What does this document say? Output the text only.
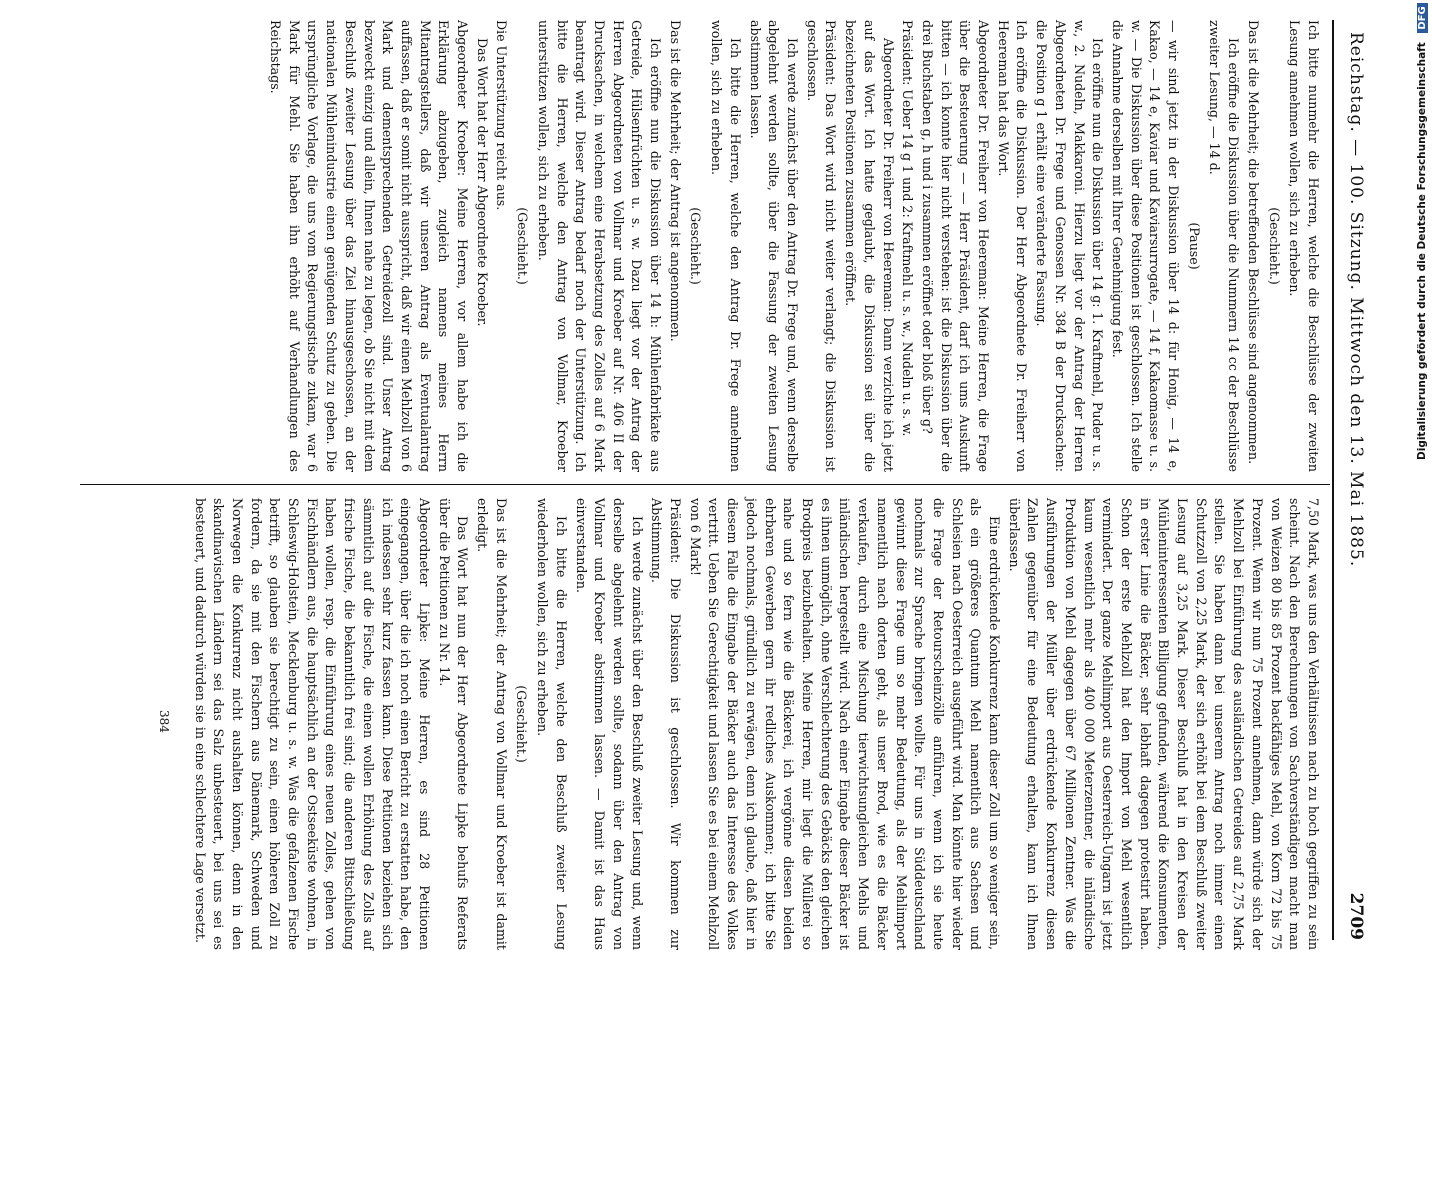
Reichstag. — 100. Sitzung. Mittwoch den 13. Mai 1885.
2709

Ich bitte nunmehr die Herren, welche die Beschlüsse der zweiten Lesung annehmen wollen, sich zu erheben.

(Geschieht.)

Das ist die Mehrheit; die betreffenden Beschlüsse sind angenommen.

Ich eröffne die Diskussion über die Nummern 14 cc der Beschlüsse zweiter Lesung, — 14 d.

(Pause)

— wir sind jetzt in der Diskussion über 14 d: für Honig, — 14 e, Kakao, — 14 e, Kaviar und Kaviarsurrogate, — 14 f, Kakaomasse u. s. w. — Die Diskussion über diese Positionen ist geschlossen. Ich stelle die Annahme derselben mit Ihrer Genehmigung fest.

Ich eröffne nun die Diskussion über 14 g: 1. Kraftmehl, Puder u. s. w., 2. Nudeln, Makkaroni. Hierzu liegt vor der Antrag der Herren Abgeordneten Dr. Frege und Genossen Nr. 384 B der Drucksachen: die Position g 1 erhält eine veränderte Fassung.

Ich eröffne die Diskussion. Der Herr Abgeordnete Dr. Freiherr von Heereman hat das Wort.

Abgeordneter Dr. Freiherr von Heereman: Meine Herren, die Frage über die Besteuerung — — Herr Präsident, darf ich ums Auskunft bitten — ich konnte hier nicht verstehen: ist die Diskussion über die drei Buchstaben g, h und i zusammen eröffnet oder bloß über g?

Präsident: Ueber 14 g 1 und 2: Kraftmehl u. s. w., Nudeln u. s. w.

Abgeordneter Dr. Freiherr von Heereman: Dann verzichte ich jetzt auf das Wort. Ich hatte geglaubt, die Diskussion sei über die bezeichneten Positionen zusammen eröffnet.

Präsident: Das Wort wird nicht weiter verlangt; die Diskussion ist geschlossen.

Ich werde zunächst über den Antrag Dr. Frege und, wenn derselbe abgelehnt werden sollte, über die Fassung der zweiten Lesung abstimmen lassen.

Ich bitte die Herren, welche den Antrag Dr. Frege annehmen wollen, sich zu erheben.

(Geschieht.)

Das ist die Mehrheit; der Antrag ist angenommen.

Ich eröffne nun die Diskussion über 14 h: Mühlenfabrikate aus Getreide, Hülsenfrüchten u. s. w. Dazu liegt vor der Antrag der Herren Abgeordneten von Vollmar und Kroeber auf Nr. 406 II der Drucksachen, in welchem eine Herabsetzung des Zolles auf 6 Mark beantragt wird. Dieser Antrag bedarf noch der Unterstützung. Ich bitte die Herren, welche den Antrag von Vollmar, Kroeber unterstützen wollen, sich zu erheben.

(Geschieht.)

Die Unterstützung reicht aus.

Das Wort hat der Herr Abgeordnete Kroeber.

Abgeordneter Kroeber: Meine Herren, vor allem habe ich die Erklärung abzugeben, zugleich namens meines Herrn Mitantragstellers, daß wir unseren Antrag als Eventualantrag auffassen, daß er somit nicht ausspricht, daß wir einen Mehlzoll von 6 Mark und dementsprechenden Getreidezoll sind. Unser Antrag bezweckt einzig und allein, Ihnen nahe zu legen, ob Sie nicht mit dem Beschluß zweiter Lesung über das Ziel hinausgeschossen, an der nationalen Mühlenindustrie einen genügenden Schutz zu geben. Die ursprüngliche Vorlage, die uns vom Regierungstische zukam, war 6 Mark für Mehl. Sie haben ihn erhöht auf Verhandlungen des Reichstags.

7,50 Mark, was uns den Verhältnissen nach zu hoch gegriffen zu sein scheint. Nach den Berechnungen von Sachverständigen macht man von Weizen 80 bis 85 Prozent backfähiges Mehl, von Korn 72 bis 75 Prozent. Wenn wir nun 75 Prozent annehmen, dann würde sich der Mehlzoll bei Einführung des ausländischen Getreides auf 2,75 Mark stellen. Sie haben dann bei unserem Antrag noch immer einen Schutzzoll von 2,25 Mark, der sich erhöht bei dem Beschluß zweiter Lesung auf 3,25 Mark. Dieser Beschluß hat in den Kreisen der Mühleninteressenten Billigung gefunden, während die Konsumenten, in erster Linie die Bäcker, sehr lebhaft dagegen protestirt haben. Schon der erste Mehlzoll hat den Import von Mehl wesentlich vermindert. Der ganze Mehlimport aus Oesterreich-Ungarn ist jetzt kaum wesentlich mehr als 400 000 Meterzentner, die inländische Produktion von Mehl dagegen über 67 Millionen Zentner. Was die Ausführungen der Müller über erdrückende Konkurrenz diesen Zahlen gegenüber für eine Bedeutung erhalten, kann ich Ihnen überlassen.

Eine erdrückende Konkurrenz kann dieser Zoll um so weniger sein, als ein größeres Quantum Mehl namentlich aus Sachsen und Schlesien nach Oesterreich ausgeführt wird. Man könnte hier wieder die Frage der Retourscheinzölle anführen, wenn ich sie heute nochmals zur Sprache bringen wollte. Für uns in Süddeutschland gewinnt diese Frage um so mehr Bedeutung, als der Mehlimport namentlich nach dorten geht, als unser Brod, wie es die Bäcker verkaufen, durch eine Mischung tierwichtsungleichen Mehls und inländischen hergestellt wird. Nach einer Eingabe dieser Bäcker ist es ihnen unmöglich, ohne Verschlechterung des Gebäcks den gleichen Brodpreis beizubehalten. Meine Herren, mir liegt die Müllerei so nahe und so fern wie die Bäckerei, ich vergönne diesen beiden ehrbaren Gewerben gern ihr redliches Auskommen; ich bitte Sie jedoch nochmals, gründlich zu erwägen, denn ich glaube, daß hier in diesem Falle die Eingabe der Bäcker auch das Interesse des Volkes vertritt. Ueben Sie Gerechtigkeit und lassen Sie es bei einem Mehlzoll von 6 Mark!

Präsident: Die Diskussion ist geschlossen. Wir kommen zur Abstimmung.

Ich werde zunächst über den Beschluß zweiter Lesung und, wenn derselbe abgelehnt werden sollte, sodann über den Antrag von Vollmar und Kroeber abstimmen lassen. — Damit ist das Haus einverstanden.

Ich bitte die Herren, welche den Beschluß zweiter Lesung wiederholen wollen, sich zu erheben.

(Geschieht.)

Das ist die Mehrheit; der Antrag von Vollmar und Kroeber ist damit erledigt.

Das Wort hat nun der Herr Abgeordnete Lipke behufs Referats über die Petitionen zu Nr. 14.

Abgeordneter Lipke: Meine Herren, es sind 28 Petitionen eingegangen, über die ich noch einen Bericht zu erstatten habe, den ich indessen sehr kurz fassen kann. Diese Petitionen beziehen sich sämmtlich auf die Fische, die einen wollen Erhöhung des Zolls auf frische Fische, die bekanntlich frei sind; die anderen Bittschließung haben wollen, resp. die Einführung eines neuen Zolles, gehen von Fischhändlern aus, die hauptsächlich an der Ostseeküste wohnen, in Schleswig-Holstein, Mecklenburg u. s. w. Was die gefalzenen Fische betrifft, so glauben sie berechtigt zu sein, einen höheren Zoll zu fordern, da sie mit den Fischern aus Dänemark, Schweden und Norwegen die Konkurrenz nicht aushalten können, denn in den skandinavischen Ländern sei das Salz unbesteuert, bei uns sei es besteuert, und dadurch würden sie in eine schlechtere Lage versetzt.

384
Digitalisierung gefördert durch die Deutsche Forschungsgemeinschaft DFG
